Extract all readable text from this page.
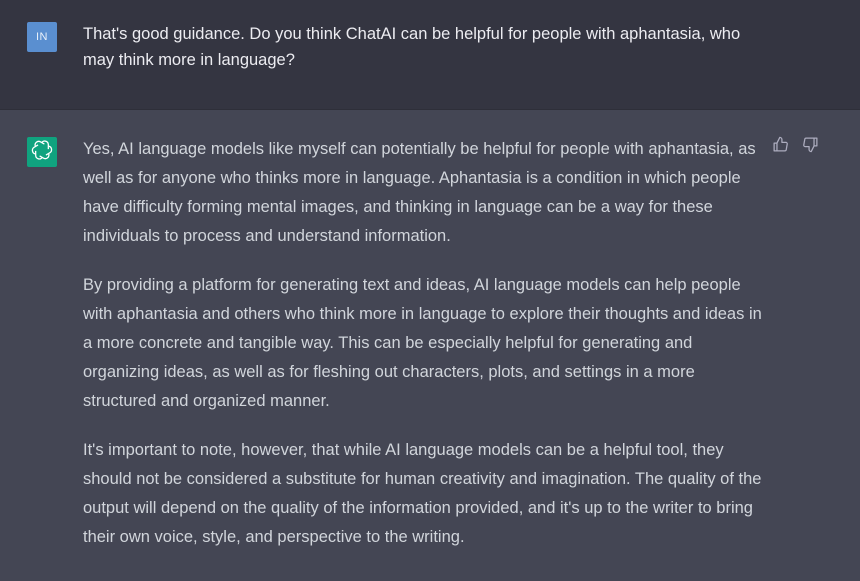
IN That's good guidance. Do you think ChatAI can be helpful for people with aphantasia, who may think more in language?

Yes, AI language models like myself can potentially be helpful for people with aphantasia, as well as for anyone who thinks more in language. Aphantasia is a condition in which people have difficulty forming mental images, and thinking in language can be a way for these individuals to process and understand information.

By providing a platform for generating text and ideas, AI language models can help people with aphantasia and others who think more in language to explore their thoughts and ideas in a more concrete and tangible way. This can be especially helpful for generating and organizing ideas, as well as for fleshing out characters, plots, and settings in a more structured and organized manner.

It's important to note, however, that while AI language models can be a helpful tool, they should not be considered a substitute for human creativity and imagination. The quality of the output will depend on the quality of the information provided, and it's up to the writer to bring their own voice, style, and perspective to the writing.
